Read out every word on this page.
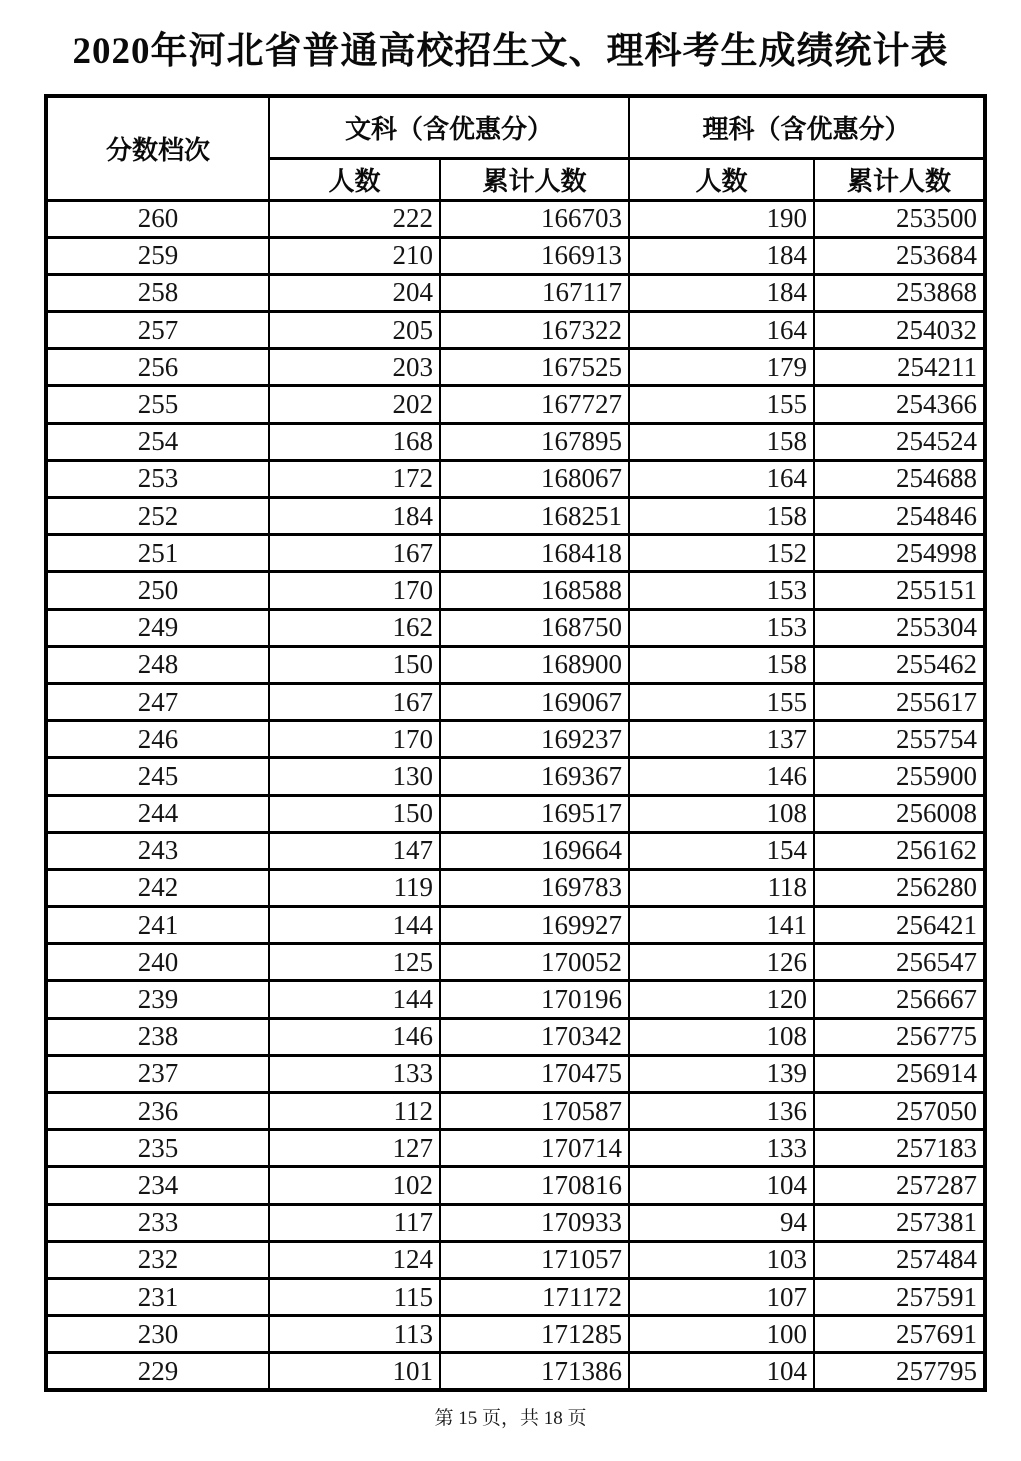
2020年河北省普通高校招生文、理科考生成绩统计表
分数档次	文科（含优惠分）		理科（含优惠分）	
	人数	累计人数	人数	累计人数
260	222	166703	190	253500
259	210	166913	184	253684
258	204	167117	184	253868
257	205	167322	164	254032
256	203	167525	179	254211
255	202	167727	155	254366
254	168	167895	158	254524
253	172	168067	164	254688
252	184	168251	158	254846
251	167	168418	152	254998
250	170	168588	153	255151
249	162	168750	153	255304
248	150	168900	158	255462
247	167	169067	155	255617
246	170	169237	137	255754
245	130	169367	146	255900
244	150	169517	108	256008
243	147	169664	154	256162
242	119	169783	118	256280
241	144	169927	141	256421
240	125	170052	126	256547
239	144	170196	120	256667
238	146	170342	108	256775
237	133	170475	139	256914
236	112	170587	136	257050
235	127	170714	133	257183
234	102	170816	104	257287
233	117	170933	94	257381
232	124	171057	103	257484
231	115	171172	107	257591
230	113	171285	100	257691
229	101	171386	104	257795
第 15 页，共 18 页
